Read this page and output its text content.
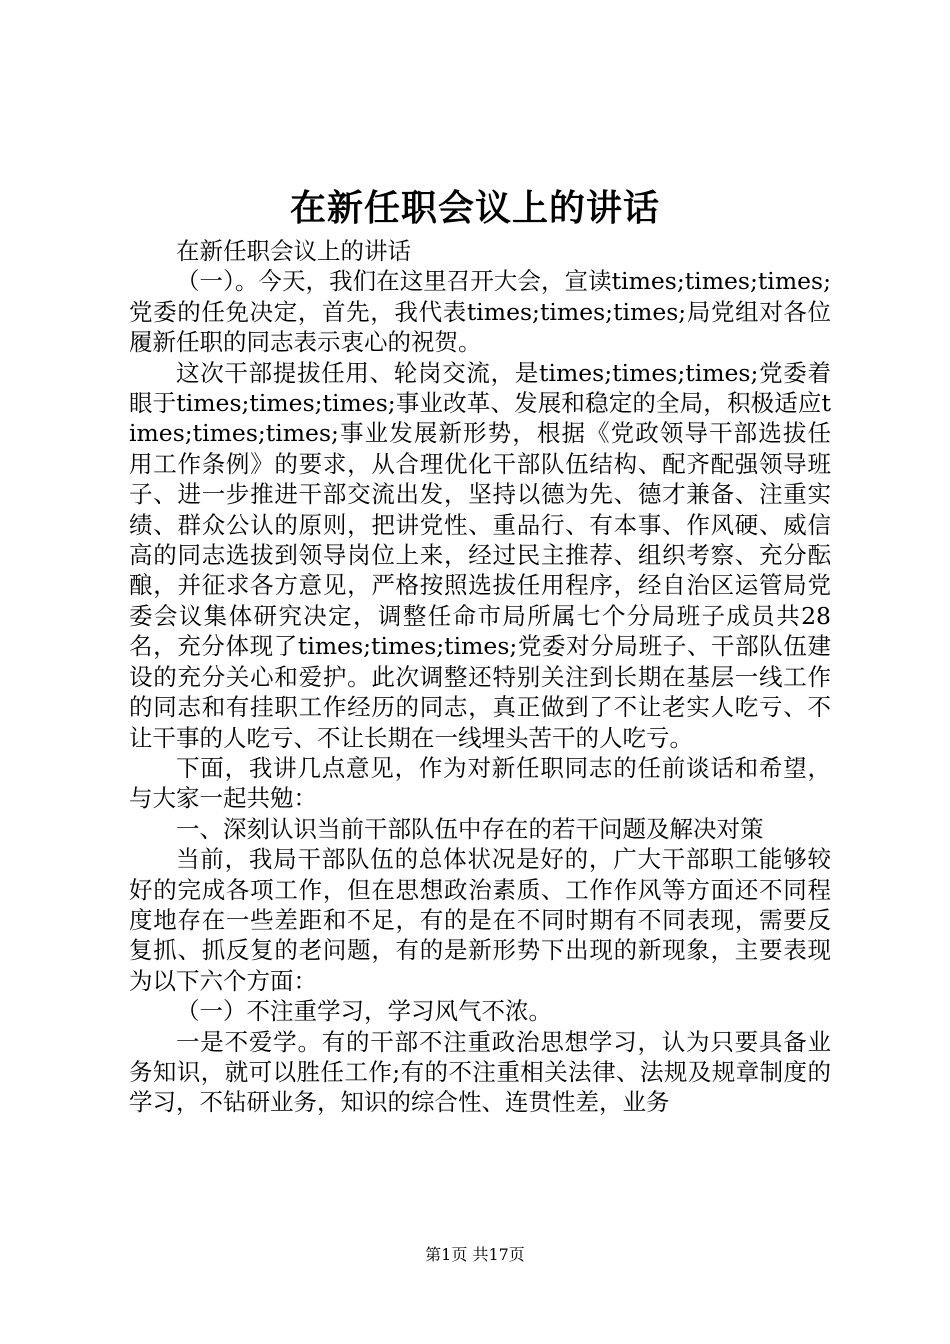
在新任职会议上的讲话

在新任职会议上的讲话

（一）。今天，我们在这里召开大会，宣读times;times;times;党委的任免决定，首先，我代表times;times;times;局党组对各位履新任职的同志表示衷心的祝贺。

这次干部提拔任用、轮岗交流，是times;times;times;党委着眼于times;times;times;事业改革、发展和稳定的全局，积极适应times;times;times;事业发展新形势，根据《党政领导干部选拔任用工作条例》的要求，从合理优化干部队伍结构、配齐配强领导班子、进一步推进干部交流出发，坚持以德为先、德才兼备、注重实绩、群众公认的原则，把讲党性、重品行、有本事、作风硬、威信高的同志选拔到领导岗位上来，经过民主推荐、组织考察、充分酝酿，并征求各方意见，严格按照选拔任用程序，经自治区运管局党委会议集体研究决定，调整任命市局所属七个分局班子成员共28名，充分体现了times;times;times;党委对分局班子、干部队伍建设的充分关心和爱护。此次调整还特别关注到长期在基层一线工作的同志和有挂职工作经历的同志，真正做到了不让老实人吃亏、不让干事的人吃亏、不让长期在一线埋头苦干的人吃亏。

下面，我讲几点意见，作为对新任职同志的任前谈话和希望，与大家一起共勉：

一、深刻认识当前干部队伍中存在的若干问题及解决对策

当前，我局干部队伍的总体状况是好的，广大干部职工能够较好的完成各项工作，但在思想政治素质、工作作风等方面还不同程度地存在一些差距和不足，有的是在不同时期有不同表现，需要反复抓、抓反复的老问题，有的是新形势下出现的新现象，主要表现为以下六个方面：

（一）不注重学习，学习风气不浓。

一是不爱学。有的干部不注重政治思想学习，认为只要具备业务知识，就可以胜任工作;有的不注重相关法律、法规及规章制度的学习，不钻研业务，知识的综合性、连贯性差，业务

第1页 共17页
